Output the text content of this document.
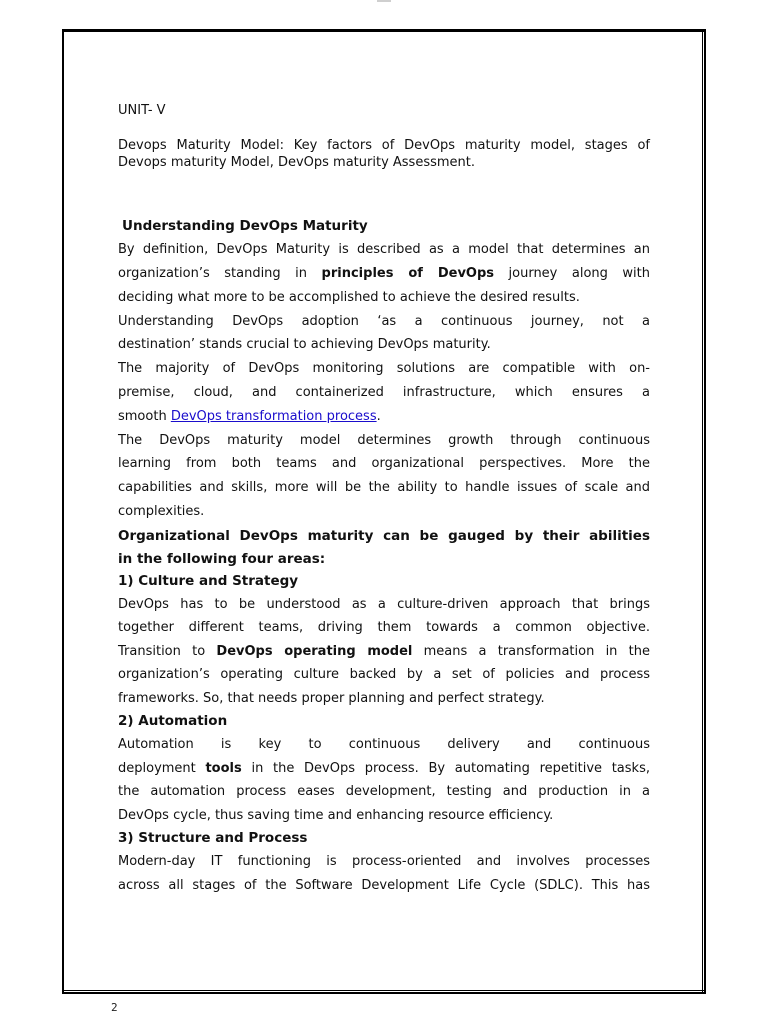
UNIT- V
Devops Maturity Model: Key factors of DevOps maturity model, stages of
Devops maturity Model, DevOps maturity Assessment.
Understanding DevOps Maturity
By definition, DevOps Maturity is described as a model that determines an
organization’s standing in principles of DevOps journey along with
deciding what more to be accomplished to achieve the desired results.
Understanding DevOps adoption ‘as a continuous journey, not a
destination’ stands crucial to achieving DevOps maturity.
The majority of DevOps monitoring solutions are compatible with on-
premise, cloud, and containerized infrastructure, which ensures a
smooth DevOps transformation process.
The DevOps maturity model determines growth through continuous
learning from both teams and organizational perspectives. More the
capabilities and skills, more will be the ability to handle issues of scale and
complexities.
Organizational DevOps maturity can be gauged by their abilities
in the following four areas:
1) Culture and Strategy
DevOps has to be understood as a culture-driven approach that brings
together different teams, driving them towards a common objective.
Transition to DevOps operating model means a transformation in the
organization’s operating culture backed by a set of policies and process
frameworks. So, that needs proper planning and perfect strategy.
2) Automation
Automation is key to continuous delivery and continuous
deployment tools in the DevOps process. By automating repetitive tasks,
the automation process eases development, testing and production in a
DevOps cycle, thus saving time and enhancing resource efficiency.
3) Structure and Process
Modern-day IT functioning is process-oriented and involves processes
across all stages of the Software Development Life Cycle (SDLC). This has
2
